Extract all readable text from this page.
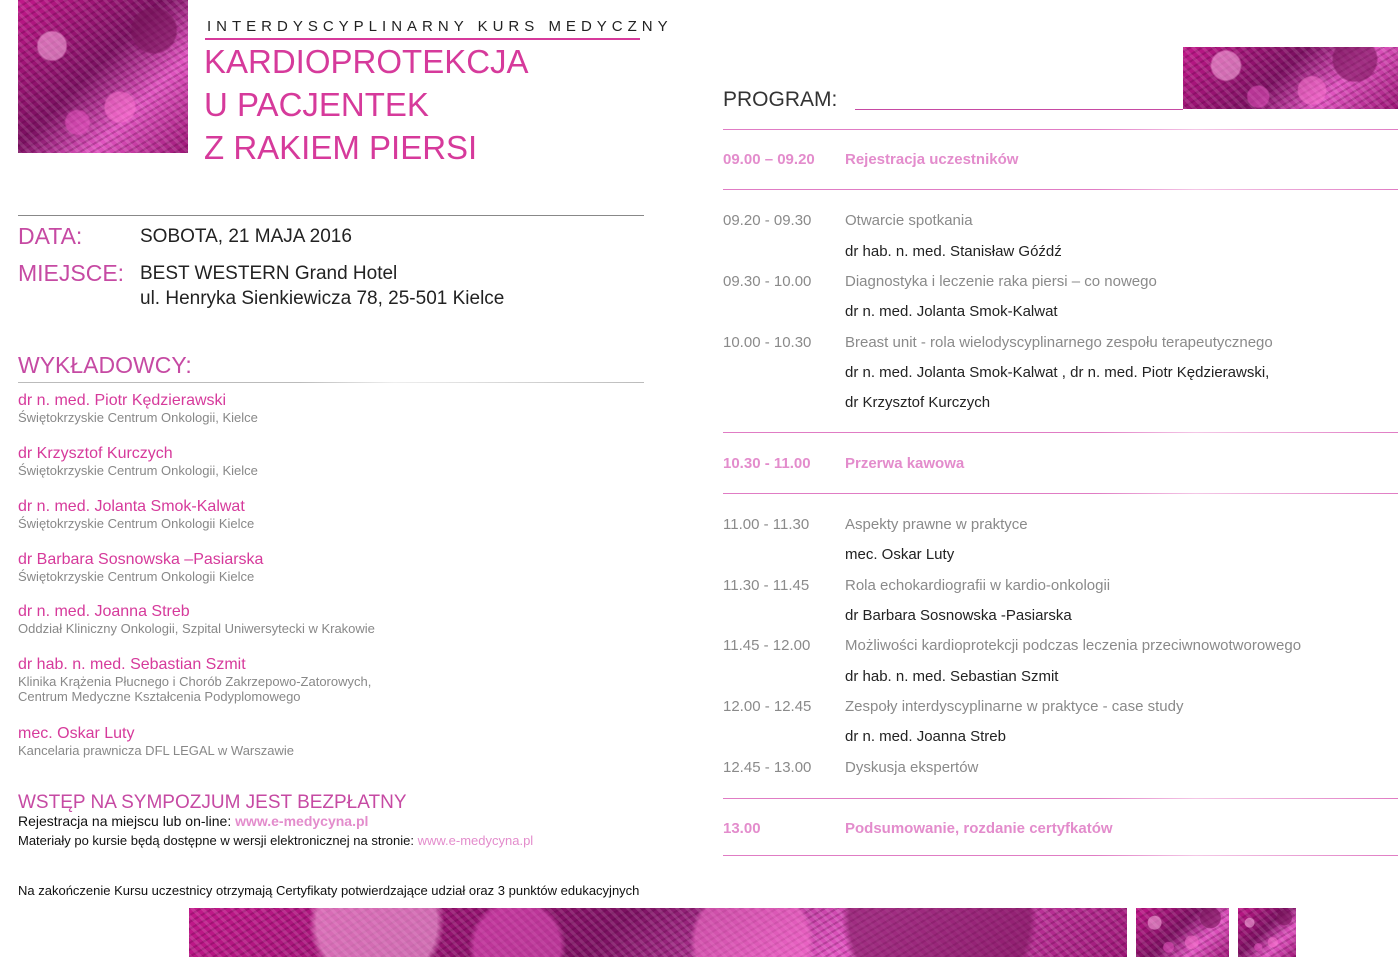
INTERDYSCYPLINARNY KURS MEDYCZNY
KARDIOPROTEKCJA
U PACJENTEK
Z RAKIEM PIERSI
DATA:	SOBOTA, 21 MAJA 2016
MIEJSCE: BEST WESTERN Grand Hotel
ul. Henryka Sienkiewicza 78, 25-501 Kielce
WYKŁADOWCY:
dr n. med. Piotr Kędzierawski
Świętokrzyskie Centrum Onkologii, Kielce
dr Krzysztof Kurczych
Świętokrzyskie Centrum Onkologii, Kielce
dr n. med. Jolanta Smok-Kalwat
Świętokrzyskie Centrum Onkologii Kielce
dr Barbara Sosnowska –Pasiarska
Świętokrzyskie Centrum Onkologii Kielce
dr n. med. Joanna Streb
Oddział Kliniczny Onkologii, Szpital Uniwersytecki w Krakowie
dr hab. n. med. Sebastian Szmit
Klinika Krążenia Płucnego i Chorób Zakrzepowo-Zatorowych,
Centrum Medyczne Kształcenia Podyplomowego
mec. Oskar Luty
Kancelaria prawnicza DFL LEGAL w Warszawie
WSTĘP NA SYMPOZJUM JEST BEZPŁATNY
Rejestracja na miejscu lub on-line: www.e-medycyna.pl
Materiały po kursie będą dostępne w wersji elektronicznej na stronie: www.e-medycyna.pl
Na zakończenie Kursu uczestnicy otrzymają Certyfikaty potwierdzające udział oraz 3 punktów edukacyjnych
PROGRAM:
09.00 – 09.20 Rejestracja uczestników
09.20 - 09.30 Otwarcie spotkania
dr hab. n. med. Stanisław Góźdź
09.30 - 10.00 Diagnostyka i leczenie raka piersi – co nowego
dr n. med. Jolanta Smok-Kalwat
10.00 - 10.30 Breast unit - rola wielodyscyplinarnego zespołu terapeutycznego
dr n. med. Jolanta Smok-Kalwat , dr n. med. Piotr Kędzierawski,
dr Krzysztof Kurczych
10.30 - 11.00 Przerwa kawowa
11.00 - 11.30 Aspekty prawne w praktyce
mec. Oskar Luty
11.30 - 11.45 Rola echokardiografii w kardio-onkologii
dr Barbara Sosnowska -Pasiarska
11.45 - 12.00 Możliwości kardioprotekcji podczas leczenia przeciwnowotworowego
dr hab. n. med. Sebastian Szmit
12.00 - 12.45 Zespoły interdyscyplinarne w praktyce - case study
dr n. med. Joanna Streb
12.45 - 13.00 Dyskusja ekspertów
13.00	Podsumowanie, rozdanie certyfkatów
